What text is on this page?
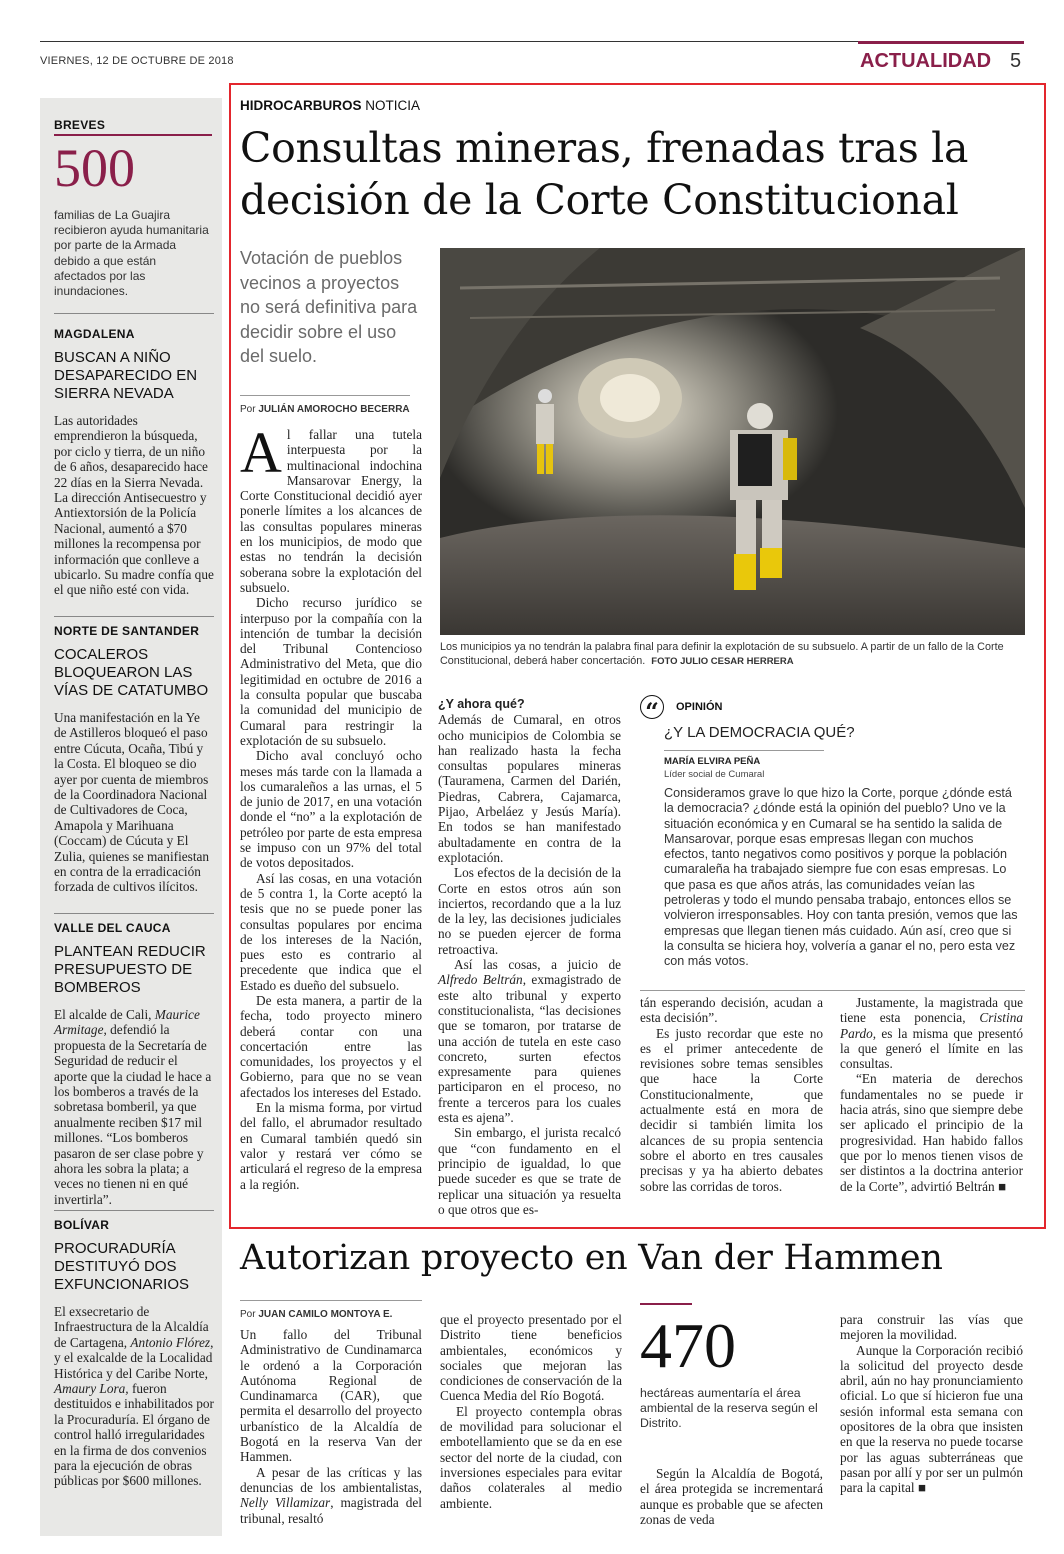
VIERNES, 12 DE OCTUBRE DE 2018	ACTUALIDAD 5
BREVES
500
familias de La Guajira recibieron ayuda humanitaria por parte de la Armada debido a que están afectados por las inundaciones.
MAGDALENA
BUSCAN A NIÑO DESAPARECIDO EN SIERRA NEVADA
Las autoridades emprendieron la búsqueda, por ciclo y tierra, de un niño de 6 años, desaparecido hace 22 días en la Sierra Nevada. La dirección Antisecuestro y Antiextorsión de la Policía Nacional, aumentó a $70 millones la recompensa por información que conlleve a ubicarlo. Su madre confía que el que niño esté con vida.
NORTE DE SANTANDER
COCALEROS BLOQUEARON LAS VÍAS DE CATATUMBO
Una manifestación en la Ye de Astilleros bloqueó el paso entre Cúcuta, Ocaña, Tibú y la Costa. El bloqueo se dio ayer por cuenta de miembros de la Coordinadora Nacional de Cultivadores de Coca, Amapola y Marihuana (Coccam) de Cúcuta y El Zulia, quienes se manifiestan en contra de la erradicación forzada de cultivos ilícitos.
VALLE DEL CAUCA
PLANTEAN REDUCIR PRESUPUESTO DE BOMBEROS
El alcalde de Cali, Maurice Armitage, defendió la propuesta de la Secretaría de Seguridad de reducir el aporte que la ciudad le hace a los bomberos a través de la sobretasa bomberil, ya que anualmente reciben $17 mil millones. “Los bomberos pasaron de ser clase pobre y ahora les sobra la plata; a veces no tienen ni en qué invertirla”.
BOLÍVAR
PROCURADURÍA DESTITUYÓ DOS EXFUNCIONARIOS
El exsecretario de Infraestructura de la Alcaldía de Cartagena, Antonio Flórez, y el exalcalde de la Localidad Histórica y del Caribe Norte, Amaury Lora, fueron destituidos e inhabilitados por la Procuraduría. El órgano de control halló irregularidades en la firma de dos convenios para la ejecución de obras públicas por $600 millones.
HIDROCARBUROS NOTICIA
Consultas mineras, frenadas tras la decisión de la Corte Constitucional
Votación de pueblos vecinos a proyectos no será definitiva para decidir sobre el uso del suelo.
Por JULIÁN AMOROCHO BECERRA
Los municipios ya no tendrán la palabra final para definir la explotación de su subsuelo. A partir de un fallo de la Corte Constitucional, deberá haber concertación. FOTO JULIO CESAR HERRERA

Al fallar una tutela interpuesta por la multinacional indochina Mansarovar Energy, la Corte Constitucional decidió ayer ponerle límites a los alcances de las consultas populares mineras en los municipios, de modo que estas no tendrán la decisión soberana sobre la explotación del subsuelo.

Dicho recurso jurídico se interpuso por la compañía con la intención de tumbar la decisión del Tribunal Contencioso Administrativo del Meta, que dio legitimidad en octubre de 2016 a la consulta popular que buscaba la comunidad del municipio de Cumaral para restringir la explotación de su subsuelo.

Dicho aval concluyó ocho meses más tarde con la llamada a los cumaraleños a las urnas, el 5 de junio de 2017, en una votación donde el “no” a la explotación de petróleo por parte de esta empresa se impuso con un 97% del total de votos depositados.

Así las cosas, en una votación de 5 contra 1, la Corte aceptó la tesis que no se puede poner las consultas populares por encima de los intereses de la Nación, pues esto es contrario al precedente que indica que el Estado es dueño del subsuelo.

De esta manera, a partir de la fecha, todo proyecto minero deberá contar con una concertación entre las comunidades, los proyectos y el Gobierno, para que no se vean afectados los intereses del Estado.

En la misma forma, por virtud del fallo, el abrumador resultado en Cumaral también quedó sin valor y restará ver cómo se articulará el regreso de la empresa a la región.

¿Y ahora qué?

Además de Cumaral, en otros ocho municipios de Colombia se han realizado hasta la fecha consultas populares mineras (Tauramena, Carmen del Darién, Piedras, Cabrera, Cajamarca, Pijao, Arbeláez y Jesús María). En todos se han manifestado abultadamente en contra de la explotación.

Los efectos de la decisión de la Corte en estos otros aún son inciertos, recordando que a la luz de la ley, las decisiones judiciales no se pueden ejercer de forma retroactiva.

Así las cosas, a juicio de Alfredo Beltrán, exmagistrado de este alto tribunal y experto constitucionalista, “las decisiones que se tomaron, por tratarse de una acción de tutela en este caso concreto, surten efectos expresamente para quienes participaron en el proceso, no frente a terceros para los cuales esta es ajena”.

Sin embargo, el jurista recalcó que “con fundamento en el principio de igualdad, lo que puede suceder es que se trate de replicar una situación ya resuelta o que otros que es-

“	OPINIÓN
¿Y LA DEMOCRACIA QUÉ?
MARÍA ELVIRA PEÑA
Líder social de Cumaral
Consideramos grave lo que hizo la Corte, porque ¿dónde está la democracia? ¿dónde está la opinión del pueblo? Uno ve la situación económica y en Cumaral se ha sentido la salida de Mansarovar, porque esas empresas llegan con muchos efectos, tanto negativos como positivos y porque la población cumaraleña ha trabajado siempre fue con esas empresas. Lo que pasa es que años atrás, las comunidades veían las petroleras y todo el mundo pensaba trabajo, entonces ellos se volvieron irresponsables. Hoy con tanta presión, vemos que las empresas que llegan tienen más cuidado. Aún así, creo que si la consulta se hiciera hoy, volvería a ganar el no, pero esta vez con más votos.

tán esperando decisión, acudan a esta decisión”.

Es justo recordar que este no es el primer antecedente de revisiones sobre temas sensibles que hace la Corte Constitucionalmente, que actualmente está en mora de decidir si también limita los alcances de su propia sentencia sobre el aborto en tres causales precisas y ya ha abierto debates sobre las corridas de toros.

Justamente, la magistrada que tiene esta ponencia, Cristina Pardo, es la misma que presentó la que generó el límite en las consultas.

“En materia de derechos fundamentales no se puede ir hacia atrás, sino que siempre debe ser aplicado el principio de la progresividad. Han habido fallos que por lo menos tienen visos de ser distintos a la doctrina anterior de la Corte”, advirtió Beltrán ■

Autorizan proyecto en Van der Hammen
Por JUAN CAMILO MONTOYA E.

Un fallo del Tribunal Administrativo de Cundinamarca le ordenó a la Corporación Autónoma Regional de Cundinamarca (CAR), que permita el desarrollo del proyecto urbanístico de la Alcaldía de Bogotá en la reserva Van der Hammen.

A pesar de las críticas y las denuncias de los ambientalistas, Nelly Villamizar, magistrada del tribunal, resaltó

que el proyecto presentado por el Distrito tiene beneficios ambientales, económicos y sociales que mejoran las condiciones de conservación de la Cuenca Media del Río Bogotá.

El proyecto contempla obras de movilidad para solucionar el embotellamiento que se da en ese sector del norte de la ciudad, con inversiones especiales para evitar daños colaterales al medio ambiente.

470
hectáreas aumentaría el área ambiental de la reserva según el Distrito.

Según la Alcaldía de Bogotá, el área protegida se incrementará aunque es probable que se afecten zonas de veda

para construir las vías que mejoren la movilidad.

Aunque la Corporación recibió la solicitud del proyecto desde abril, aún no hay pronunciamiento oficial. Lo que sí hicieron fue una sesión informal esta semana con opositores de la obra que insisten en que la reserva no puede tocarse por las aguas subterráneas que pasan por allí y por ser un pulmón para la capital ■
